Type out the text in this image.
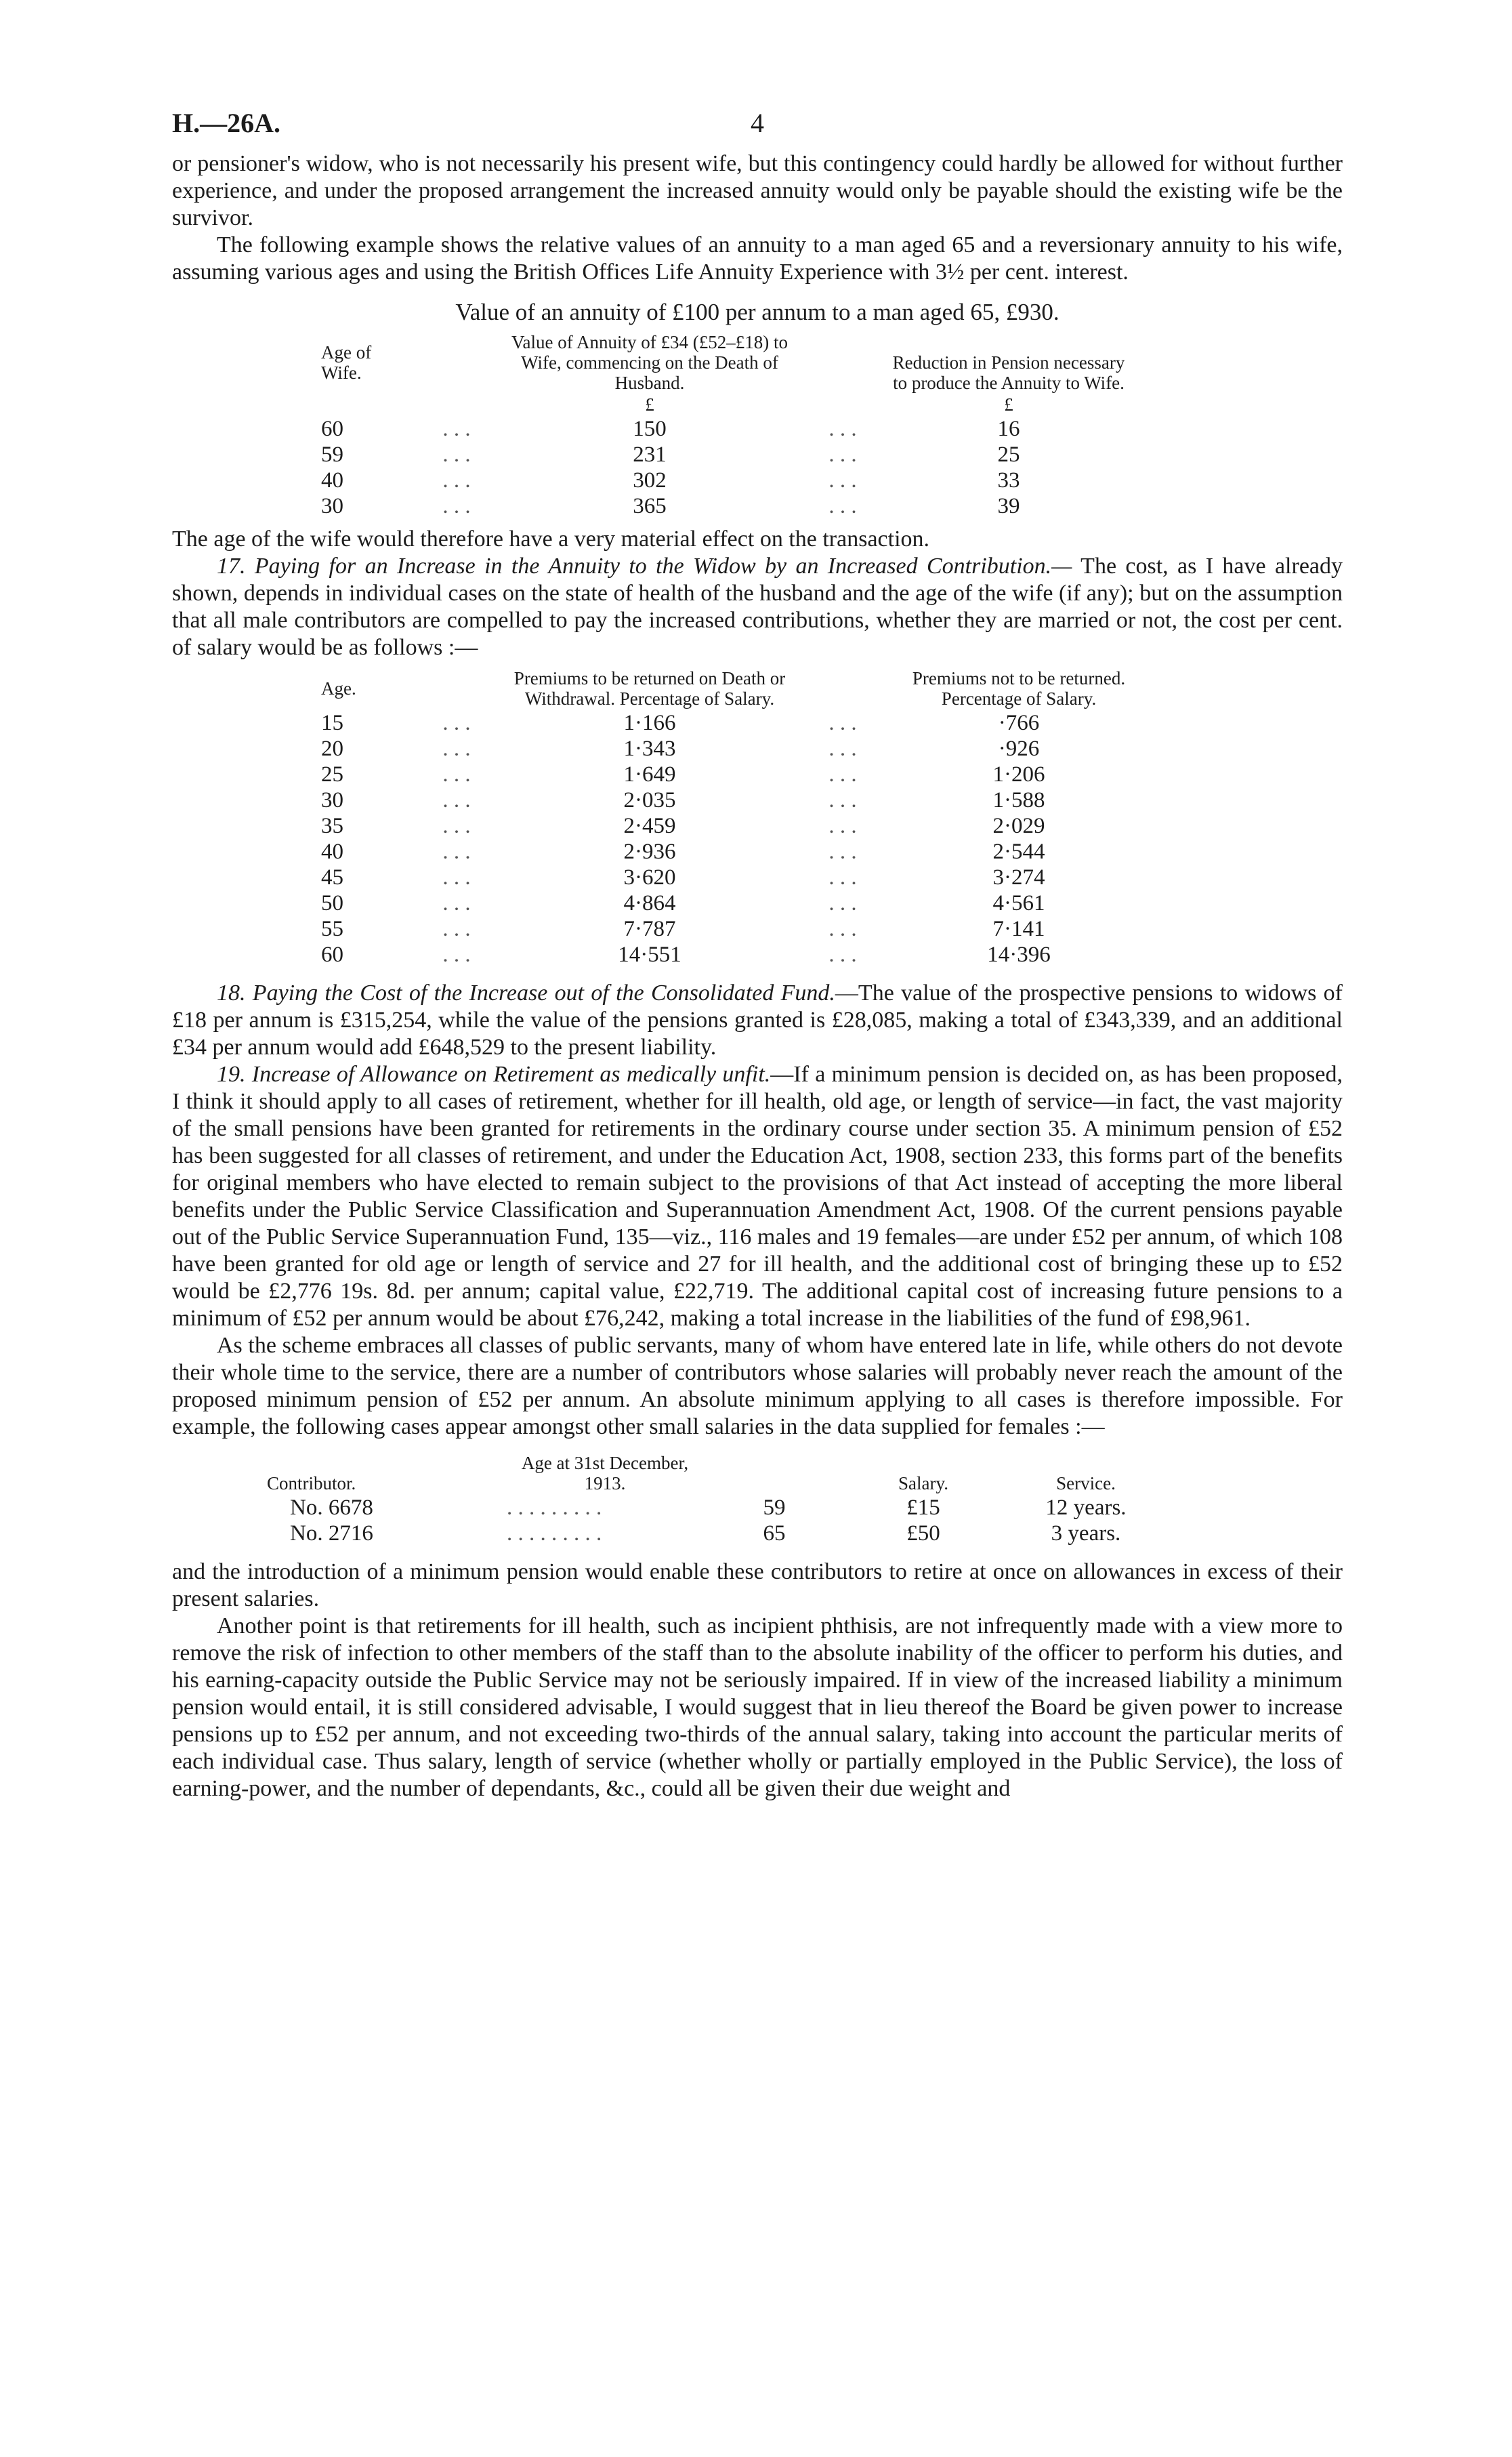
H.—26A.	4

or pensioner's widow, who is not necessarily his present wife, but this contingency could hardly be allowed for without further experience, and under the proposed arrangement the increased annuity would only be payable should the existing wife be the survivor.

The following example shows the relative values of an annuity to a man aged 65 and a reversionary annuity to his wife, assuming various ages and using the British Offices Life Annuity Experience with 3½ per cent. interest.

Value of an annuity of £100 per annum to a man aged 65, £930.
Age of Wife.		Value of Annuity of £34 (£52–£18) to Wife, commencing on the Death of Husband.		Reduction in Pension necessary to produce the Annuity to Wife.
		£		£
60	. . .	150	. . .	16
59	. . .	231	. . .	25
40	. . .	302	. . .	33
30	. . .	365	. . .	39

The age of the wife would therefore have a very material effect on the transaction.

17. Paying for an Increase in the Annuity to the Widow by an Increased Contribution.— The cost, as I have already shown, depends in individual cases on the state of health of the husband and the age of the wife (if any); but on the assumption that all male contributors are compelled to pay the increased contributions, whether they are married or not, the cost per cent. of salary would be as follows :—

Age.		Premiums to be returned on Death or Withdrawal. Percentage of Salary.		Premiums not to be returned. Percentage of Salary.
15	. . .	1·166	. . .	·766
20	. . .	1·343	. . .	·926
25	. . .	1·649	. . .	1·206
30	. . .	2·035	. . .	1·588
35	. . .	2·459	. . .	2·029
40	. . .	2·936	. . .	2·544
45	. . .	3·620	. . .	3·274
50	. . .	4·864	. . .	4·561
55	. . .	7·787	. . .	7·141
60	. . .	14·551	. . .	14·396

18. Paying the Cost of the Increase out of the Consolidated Fund.—The value of the prospective pensions to widows of £18 per annum is £315,254, while the value of the pensions granted is £28,085, making a total of £343,339, and an additional £34 per annum would add £648,529 to the present liability.

19. Increase of Allowance on Retirement as medically unfit.—If a minimum pension is decided on, as has been proposed, I think it should apply to all cases of retirement, whether for ill health, old age, or length of service—in fact, the vast majority of the small pensions have been granted for retirements in the ordinary course under section 35. A minimum pension of £52 has been suggested for all classes of retirement, and under the Education Act, 1908, section 233, this forms part of the benefits for original members who have elected to remain subject to the provisions of that Act instead of accepting the more liberal benefits under the Public Service Classification and Superannuation Amendment Act, 1908. Of the current pensions payable out of the Public Service Superannuation Fund, 135—viz., 116 males and 19 females—are under £52 per annum, of which 108 have been granted for old age or length of service and 27 for ill health, and the additional cost of bringing these up to £52 would be £2,776 19s. 8d. per annum; capital value, £22,719. The additional capital cost of increasing future pensions to a minimum of £52 per annum would be about £76,242, making a total increase in the liabilities of the fund of £98,961.

As the scheme embraces all classes of public servants, many of whom have entered late in life, while others do not devote their whole time to the service, there are a number of contributors whose salaries will probably never reach the amount of the proposed minimum pension of £52 per annum. An absolute minimum applying to all cases is therefore impossible. For example, the following cases appear amongst other small salaries in the data supplied for females :—

Contributor.	Age at 31st December, 1913.		Salary.	Service.
No. 6678	. . . . . . . . .	59	£15	12 years.
No. 2716	. . . . . . . . .	65	£50	3 years.

and the introduction of a minimum pension would enable these contributors to retire at once on allowances in excess of their present salaries.

Another point is that retirements for ill health, such as incipient phthisis, are not infrequently made with a view more to remove the risk of infection to other members of the staff than to the absolute inability of the officer to perform his duties, and his earning-capacity outside the Public Service may not be seriously impaired. If in view of the increased liability a minimum pension would entail, it is still considered advisable, I would suggest that in lieu thereof the Board be given power to increase pensions up to £52 per annum, and not exceeding two-thirds of the annual salary, taking into account the particular merits of each individual case. Thus salary, length of service (whether wholly or partially employed in the Public Service), the loss of earning-power, and the number of dependants, &c., could all be given their due weight and
